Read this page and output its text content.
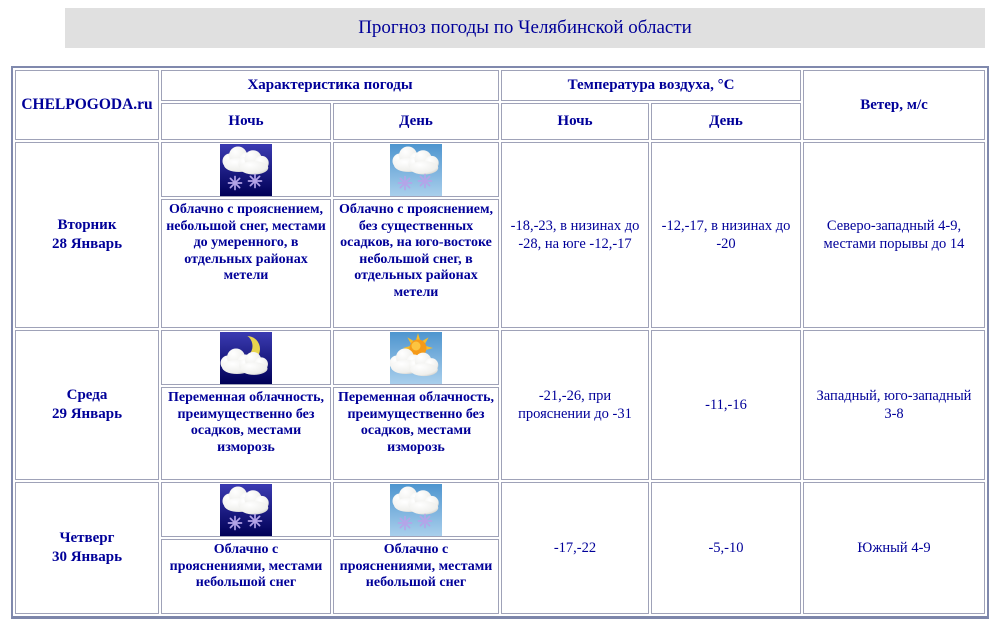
Прогноз погоды по Челябинской области
CHELPOGODA.ru	Характеристика погоды		Температура воздуха, °С		Ветер, м/с
	Ночь	День	Ночь	День	

Вторник
28 Январь	Облачно с прояснением, небольшой снег, местами до умеренного, в отдельных районах метели	Облачно с прояснением, без существенных осадков, на юго-востоке небольшой снег, в отдельных районах метели	-18,-23, в низинах до -28, на юге -12,-17	-12,-17, в низинах до -20	Северо-западный 4-9, местами порывы до 14

Среда
29 Январь	Переменная облачность, преимущественно без осадков, местами изморозь	Переменная облачность, преимущественно без осадков, местами изморозь	-21,-26, при прояснении до -31	-11,-16	Западный, юго-западный 3-8

Четверг
30 Январь	Облачно с прояснениями, местами небольшой снег	Облачно с прояснениями, местами небольшой снег	-17,-22	-5,-10	Южный 4-9
